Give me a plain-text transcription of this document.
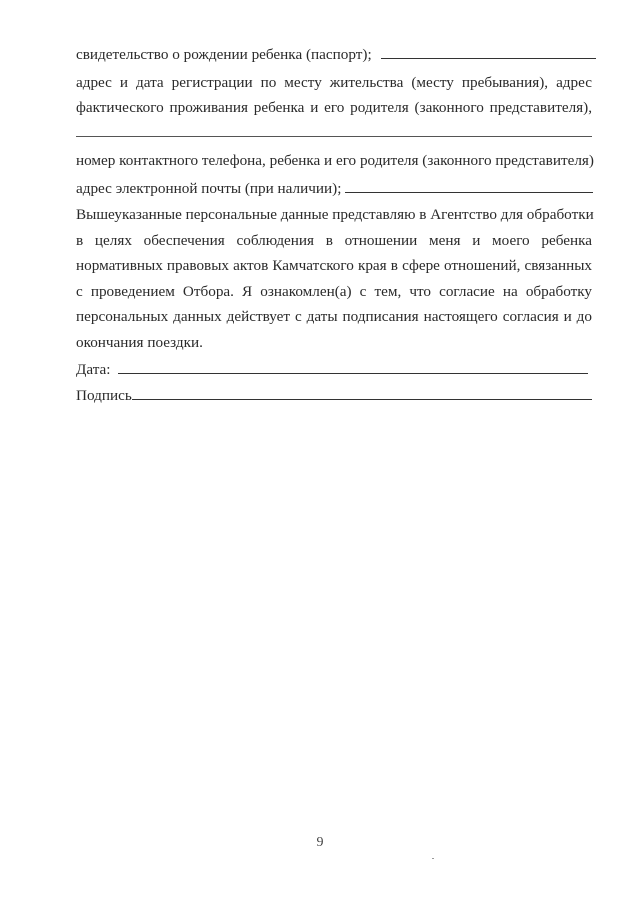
свидетельство о рождении ребенка (паспорт);
адрес и дата регистрации по месту жительства (месту пребывания), адрес
фактического проживания ребенка и его родителя (законного представителя),
номер контактного телефона, ребенка и его родителя (законного представителя)
адрес электронной почты (при наличии);
Вышеуказанные персональные данные представляю в Агентство для обработки
в целях обеспечения соблюдения в отношении меня и моего ребенка
нормативных правовых актов Камчатского края в сфере отношений, связанных
с проведением Отбора. Я ознакомлен(а) с тем, что согласие на обработку
персональных данных действует с даты подписания настоящего согласия и до
окончания поездки.
Дата:
Подпись
9
